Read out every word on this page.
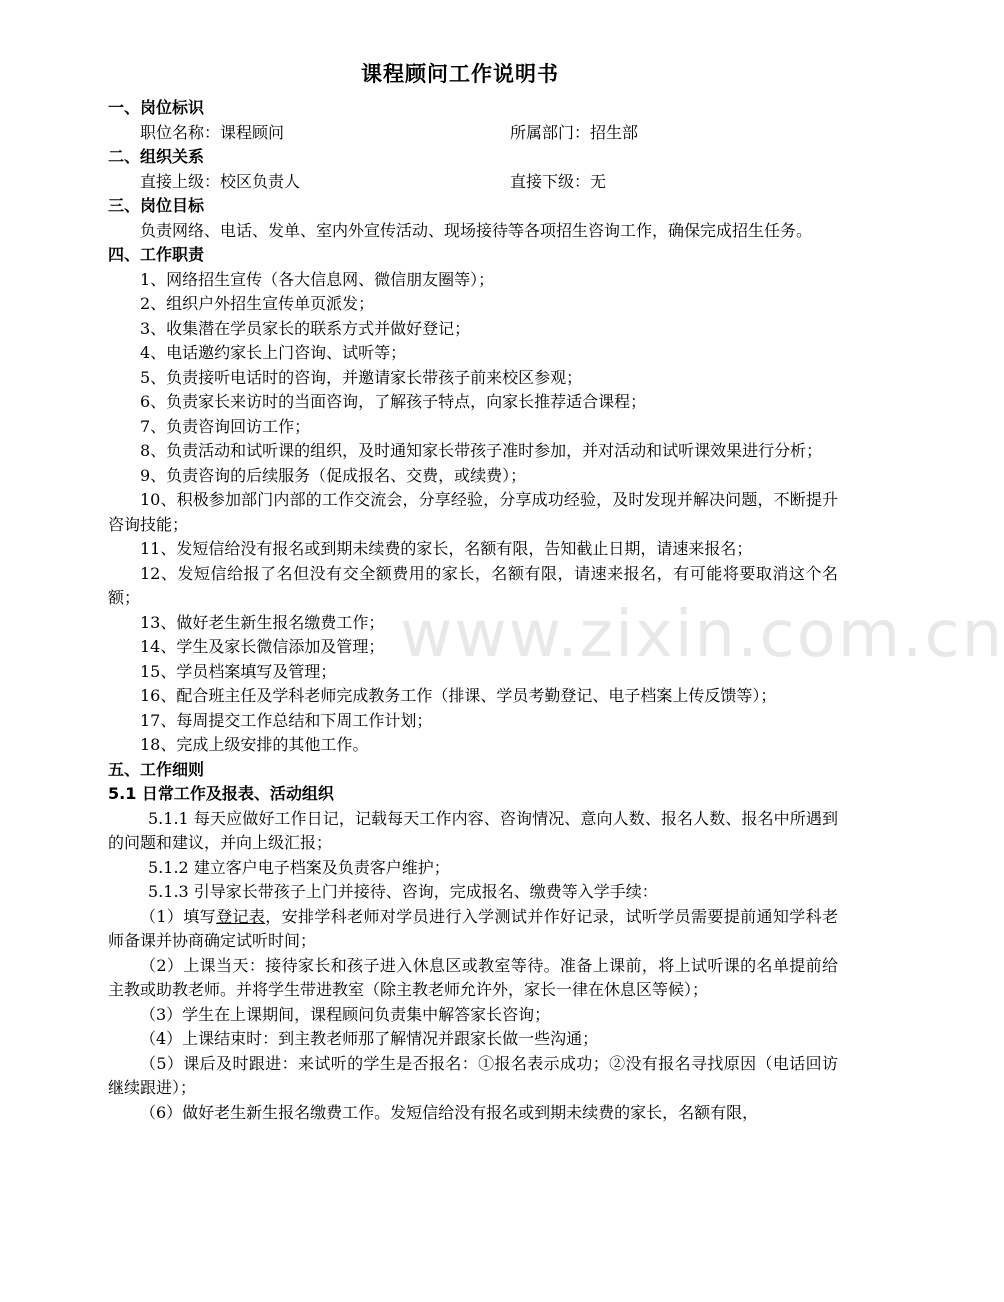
课程顾问工作说明书
一、岗位标识
职位名称：课程顾问	所属部门：招生部
二、组织关系
直接上级：校区负责人	直接下级：无
三、岗位目标
负责网络、电话、发单、室内外宣传活动、现场接待等各项招生咨询工作，确保完成招生任务。
四、工作职责
1、网络招生宣传（各大信息网、微信朋友圈等）；
2、组织户外招生宣传单页派发；
3、收集潜在学员家长的联系方式并做好登记；
4、电话邀约家长上门咨询、试听等；
5、负责接听电话时的咨询，并邀请家长带孩子前来校区参观；
6、负责家长来访时的当面咨询，了解孩子特点，向家长推荐适合课程；
7、负责咨询回访工作；
8、负责活动和试听课的组织，及时通知家长带孩子准时参加，并对活动和试听课效果进行分析；
9、负责咨询的后续服务（促成报名、交费，或续费）；
10、积极参加部门内部的工作交流会，分享经验，分享成功经验，及时发现并解决问题，不断提升咨询技能；
11、发短信给没有报名或到期未续费的家长，名额有限，告知截止日期，请速来报名；
12、发短信给报了名但没有交全额费用的家长，名额有限，请速来报名，有可能将要取消这个名额；
13、做好老生新生报名缴费工作；
14、学生及家长微信添加及管理；
15、学员档案填写及管理；
16、配合班主任及学科老师完成教务工作（排课、学员考勤登记、电子档案上传反馈等）；
17、每周提交工作总结和下周工作计划；
18、完成上级安排的其他工作。
五、工作细则
5.1 日常工作及报表、活动组织
5.1.1 每天应做好工作日记，记载每天工作内容、咨询情况、意向人数、报名人数、报名中所遇到的问题和建议，并向上级汇报；
5.1.2 建立客户电子档案及负责客户维护；
5.1.3 引导家长带孩子上门并接待、咨询，完成报名、缴费等入学手续：
（1）填写登记表，安排学科老师对学员进行入学测试并作好记录，试听学员需要提前通知学科老师备课并协商确定试听时间；
（2）上课当天：接待家长和孩子进入休息区或教室等待。准备上课前，将上试听课的名单提前给主教或助教老师。并将学生带进教室（除主教老师允许外，家长一律在休息区等候）；
（3）学生在上课期间，课程顾问负责集中解答家长咨询；
（4）上课结束时：到主教老师那了解情况并跟家长做一些沟通；
（5）课后及时跟进：来试听的学生是否报名：①报名表示成功；②没有报名寻找原因（电话回访继续跟进）；
（6）做好老生新生报名缴费工作。发短信给没有报名或到期未续费的家长，名额有限，
www.zixin.com.cn
